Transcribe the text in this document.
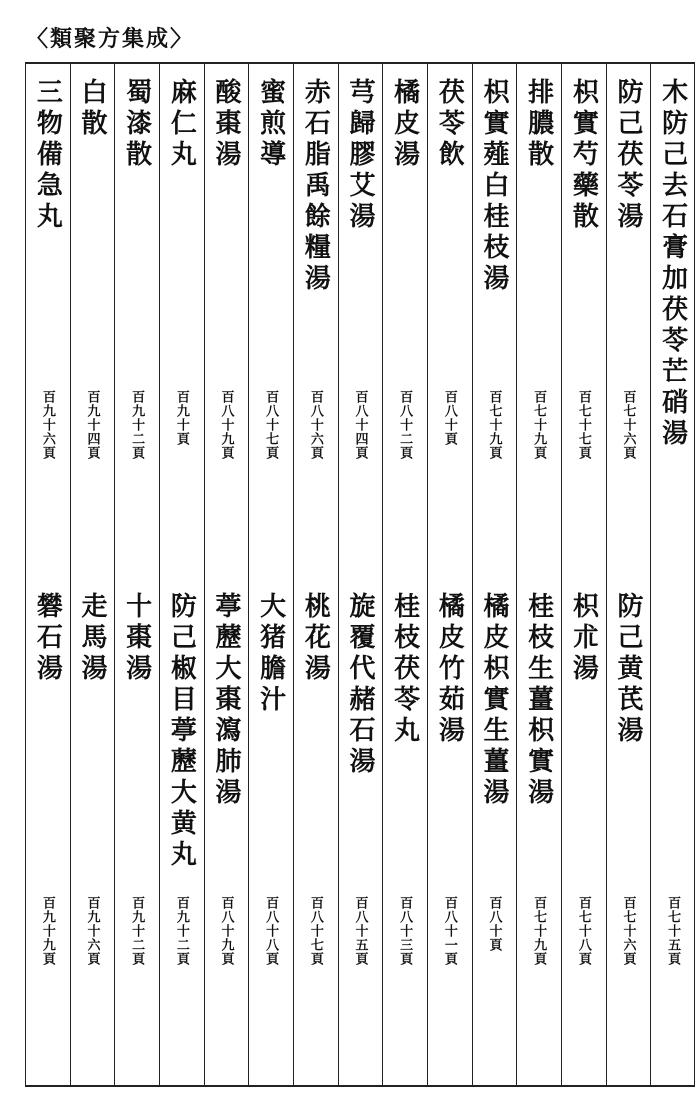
〈類聚方集成〉
木防己去石膏加茯苓芒硝湯
百七十五頁
防己茯苓湯
百七十六頁
防己黄芪湯
百七十六頁
枳實芍藥散
百七十七頁
枳朮湯
百七十八頁
排膿散
百七十九頁
桂枝生薑枳實湯
百七十九頁
枳實薤白桂枝湯
百七十九頁
橘皮枳實生薑湯
百八十頁
茯苓飲
百八十頁
橘皮竹茹湯
百八十一頁
橘皮湯
百八十二頁
桂枝茯苓丸
百八十三頁
芎歸膠艾湯
百八十四頁
旋覆代赭石湯
百八十五頁
赤石脂禹餘糧湯
百八十六頁
桃花湯
百八十七頁
蜜煎導
百八十七頁
大猪膽汁
百八十八頁
酸棗湯
百八十九頁
葶藶大棗瀉肺湯
百八十九頁
麻仁丸
百九十頁
防己椒目葶藶大黄丸
百九十二頁
蜀漆散
百九十二頁
十棗湯
百九十二頁
白散
百九十四頁
走馬湯
百九十六頁
三物備急丸
百九十六頁
礬石湯
百九十九頁
